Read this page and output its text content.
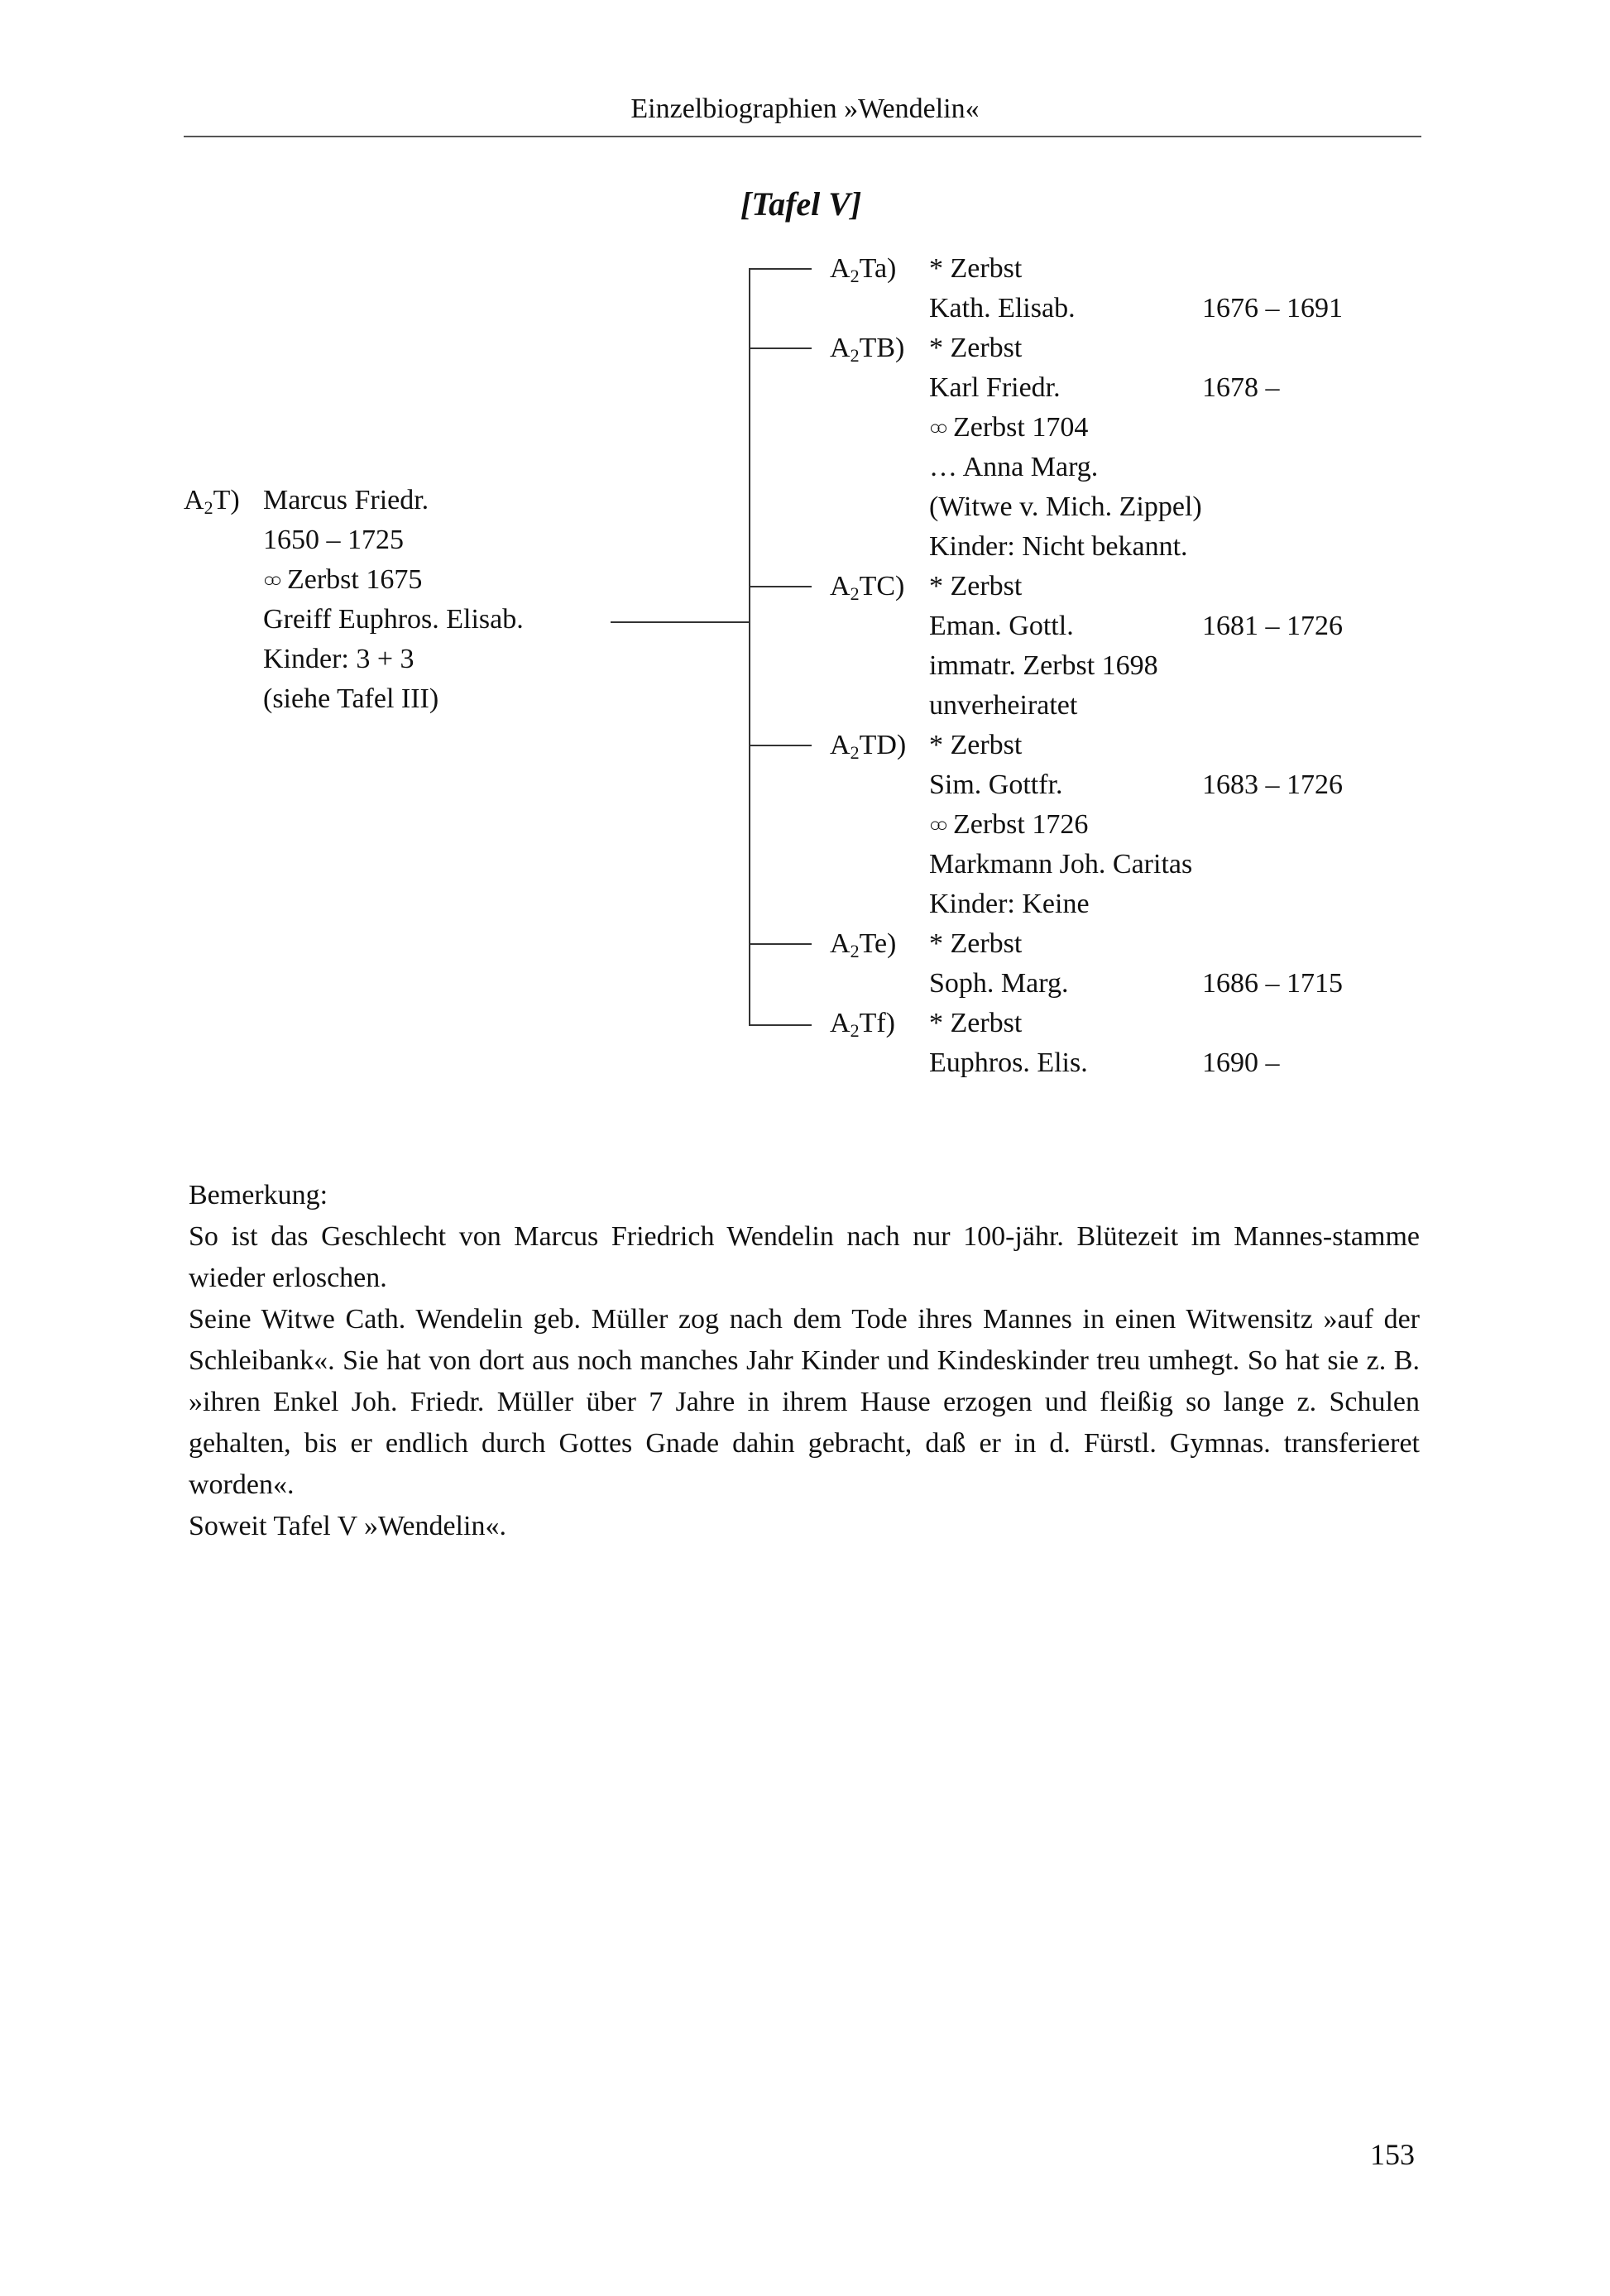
Einzelbiographien »Wendelin«
[Tafel V]
$A_2T$) Marcus Friedr.
1650 – 1725
○○ Zerbst 1675
Greiff Euphros. Elisab.
Kinder: 3 + 3
(siehe Tafel III)
$A_2Ta$) * Zerbst
Kath. Elisab.	1676 – 1691
$A_2TB$) * Zerbst
Karl Friedr.	1678 –
○○ Zerbst 1704
… Anna Marg.
(Witwe v. Mich. Zippel)
Kinder: Nicht bekannt.
$A_2TC$) * Zerbst
Eman. Gottl.	1681 – 1726
immatr. Zerbst 1698
unverheiratet
$A_2TD$) * Zerbst
Sim. Gottfr.	1683 – 1726
○○ Zerbst 1726
Markmann Joh. Caritas
Kinder: Keine
$A_2Te$) * Zerbst
Soph. Marg.	1686 – 1715
$A_2Tf$) * Zerbst
Euphros. Elis.	1690 –

Bemerkung:

So ist das Geschlecht von Marcus Friedrich Wendelin nach nur 100-jähr. Blütezeit im Mannes-stamme wieder erloschen.

Seine Witwe Cath. Wendelin geb. Müller zog nach dem Tode ihres Mannes in einen Witwensitz »auf der Schleibank«. Sie hat von dort aus noch manches Jahr Kinder und Kindeskinder treu umhegt. So hat sie z. B. »ihren Enkel Joh. Friedr. Müller über 7 Jahre in ihrem Hause erzogen und fleißig so lange z. Schulen gehalten, bis er endlich durch Gottes Gnade dahin gebracht, daß er in d. Fürstl. Gymnas. transferieret worden«.

Soweit Tafel V »Wendelin«.

153
